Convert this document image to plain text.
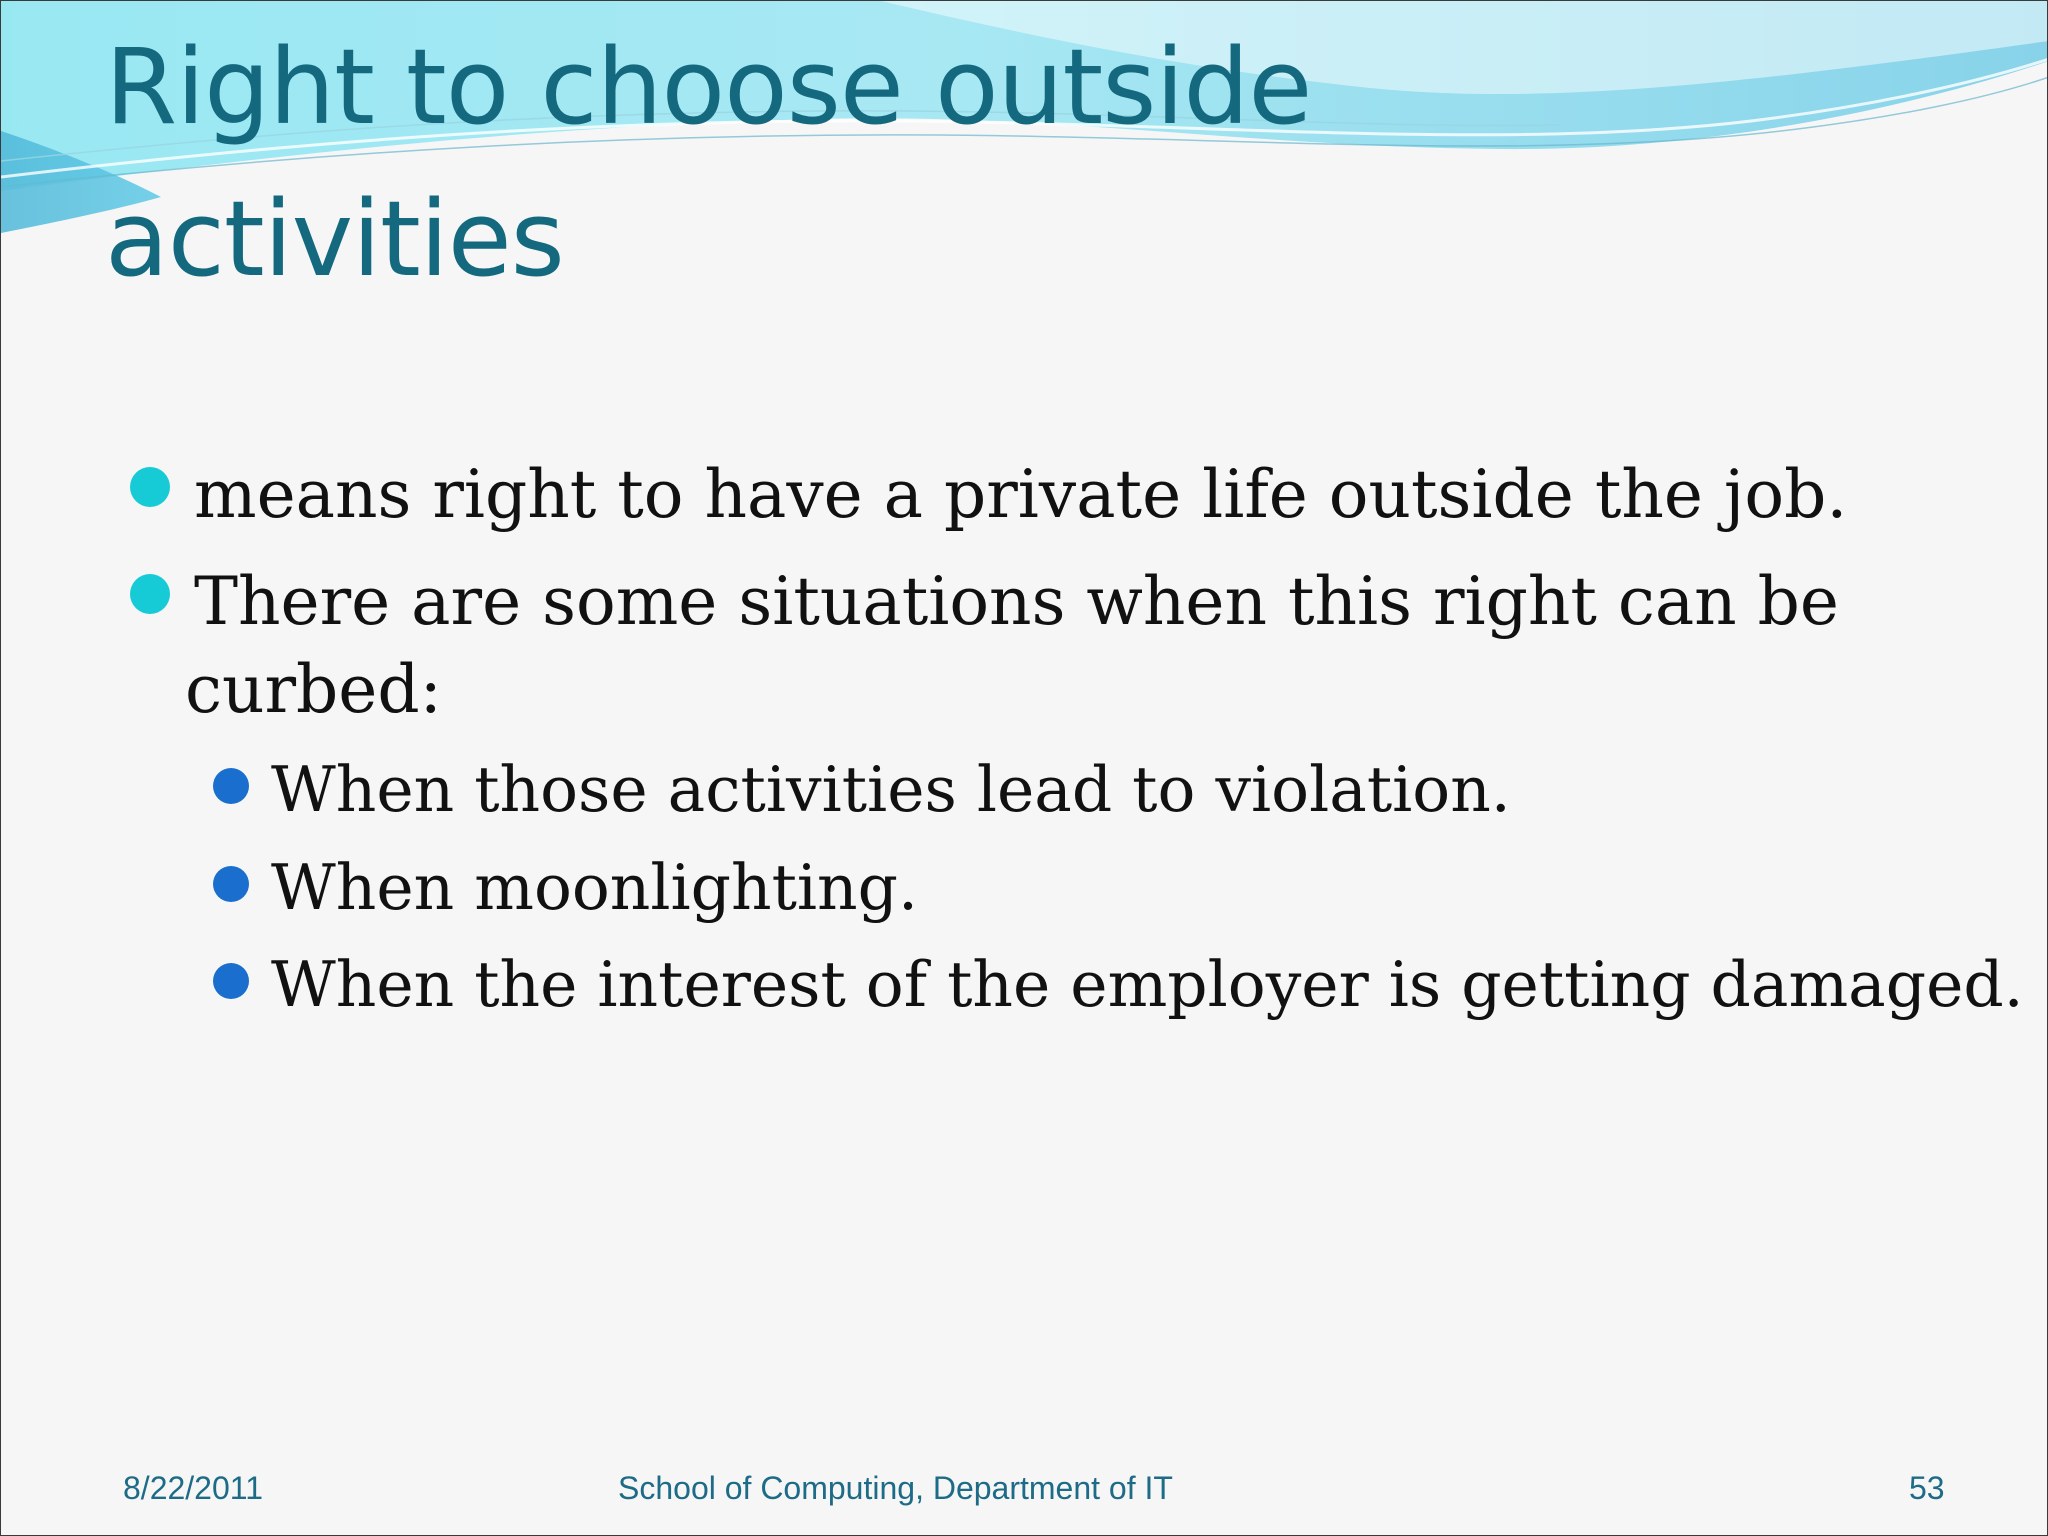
Right to choose outside
activities
means right to have a private life outside the job.
There are some situations when this right can be
curbed:
When those activities lead to violation.
When moonlighting.
When the interest of the employer is getting damaged.
8/22/2011	School of Computing, Department of IT	53
